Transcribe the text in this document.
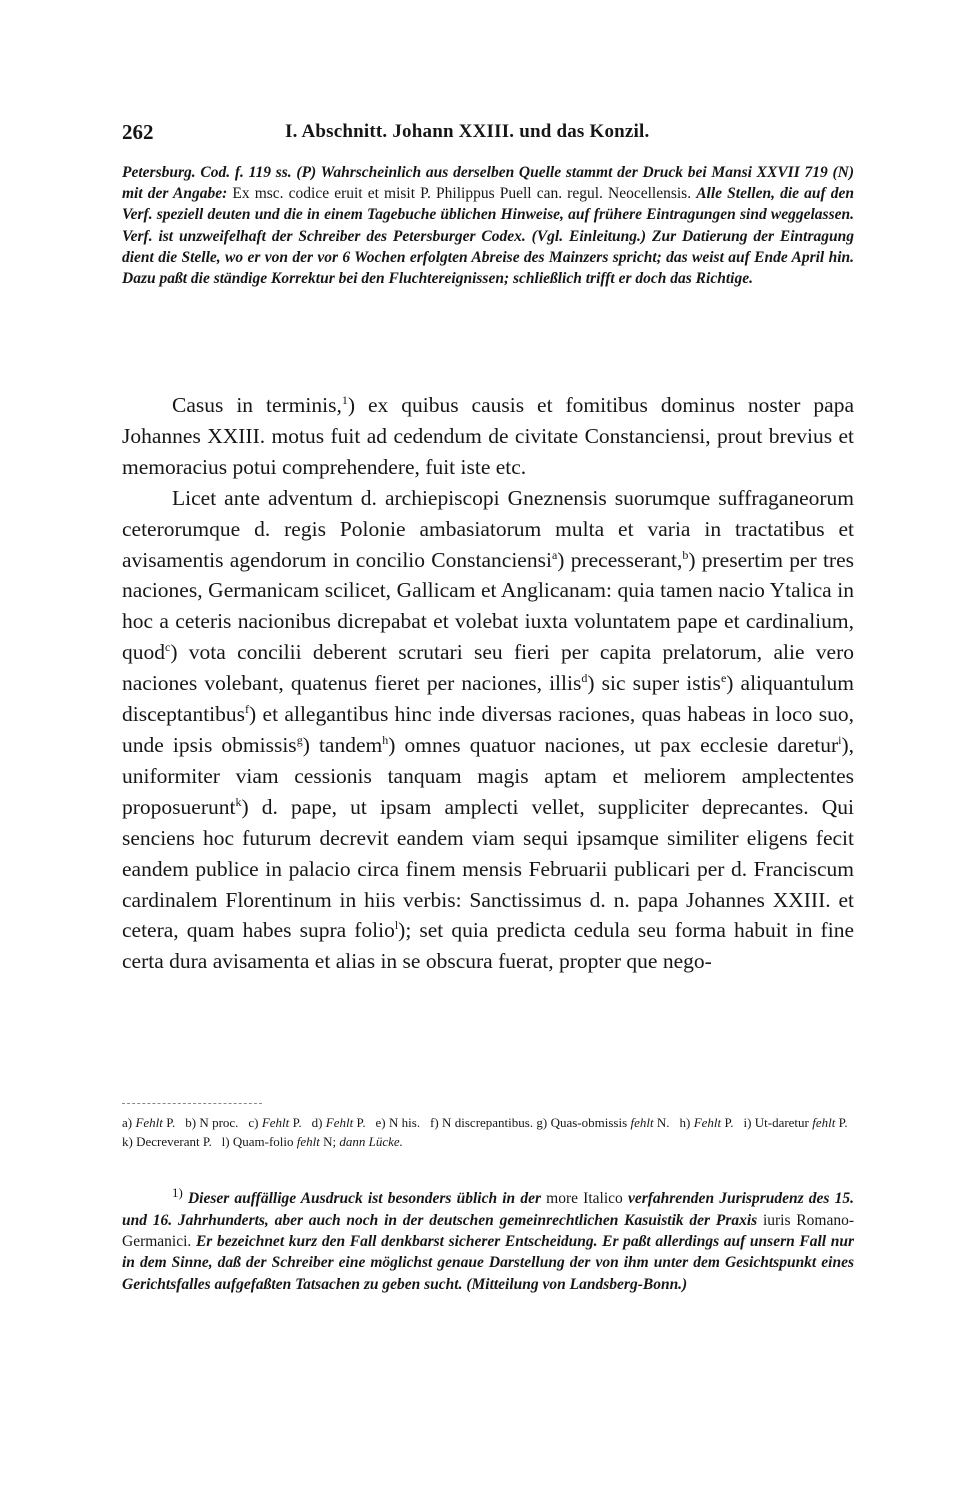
262	I. Abschnitt. Johann XXIII. und das Konzil.

Petersburg. Cod. f. 119 ss. (P) Wahrscheinlich aus derselben Quelle stammt der Druck bei Mansi XXVII 719 (N) mit der Angabe: Ex msc. codice eruit et misit P. Philippus Puell can. regul. Neocellensis. Alle Stellen, die auf den Verf. speziell deuten und die in einem Tagebuche üblichen Hinweise, auf frühere Eintragungen sind weggelassen. Verf. ist unzweifelhaft der Schreiber des Petersburger Codex. (Vgl. Einleitung.) Zur Datierung der Eintragung dient die Stelle, wo er von der vor 6 Wochen erfolgten Abreise des Mainzers spricht; das weist auf Ende April hin. Dazu paßt die ständige Korrektur bei den Fluchtereignissen; schließlich trifft er doch das Richtige.

Casus in terminis,$^1$) ex quibus causis et fomitibus dominus noster papa Johannes XXIII. motus fuit ad cedendum de civitate Constanciensi, prout brevius et memoracius potui comprehendere, fuit iste etc.

Licet ante adventum d. archiepiscopi Gneznensis suorumque suffraganeorum ceterorumque d. regis Polonie ambasiatorum multa et varia in tractatibus et avisamentis agendorum in concilio Constanciensi$^a$) precesserant,$^b$) presertim per tres naciones, Germanicam scilicet, Gallicam et Anglicanam: quia tamen nacio Ytalica in hoc a ceteris nacionibus dicrepabat et volebat iuxta voluntatem pape et cardinalium, quod$^c$) vota concilii deberent scrutari seu fieri per capita prelatorum, alie vero naciones volebant, quatenus fieret per naciones, illis$^d$) sic super istis$^e$) aliquantulum disceptantibus$^f$) et allegantibus hinc inde diversas raciones, quas habeas in loco suo, unde ipsis obmissis$^g$) tandem$^h$) omnes quatuor naciones, ut pax ecclesie daretur$^i$), uniformiter viam cessionis tanquam magis aptam et meliorem amplectentes proposuerunt$^k$) d. pape, ut ipsam amplecti vellet, suppliciter deprecantes. Qui senciens hoc futurum decrevit eandem viam sequi ipsamque similiter eligens fecit eandem publice in palacio circa finem mensis Februarii publicari per d. Franciscum cardinalem Florentinum in hiis verbis: Sanctissimus d. n. papa Johannes XXIII. et cetera, quam habes supra folio$^l$); set quia predicta cedula seu forma habuit in fine certa dura avisamenta et alias in se obscura fuerat, propter que nego-

a) Fehlt P. b) N proc. c) Fehlt P. d) Fehlt P. e) N his. f) N discrepantibus. g) Quas-obmissis fehlt N. h) Fehlt P. i) Ut-daretur fehlt P.   k) Decreverant P. l) Quam-folio fehlt N; dann Lücke.

$^{1)}$ Dieser auffällige Ausdruck ist besonders üblich in der more Italico verfahrenden Jurisprudenz des 15. und 16. Jahrhunderts, aber auch noch in der deutschen gemeinrechtlichen Kasuistik der Praxis iuris Romano-Germanici. Er bezeichnet kurz den Fall denkbarst sicherer Entscheidung. Er paßt allerdings auf unsern Fall nur in dem Sinne, daß der Schreiber eine möglichst genaue Darstellung der von ihm unter dem Gesichtspunkt eines Gerichtsfalles aufgefaßten Tatsachen zu geben sucht. (Mitteilung von Landsberg-Bonn.)
